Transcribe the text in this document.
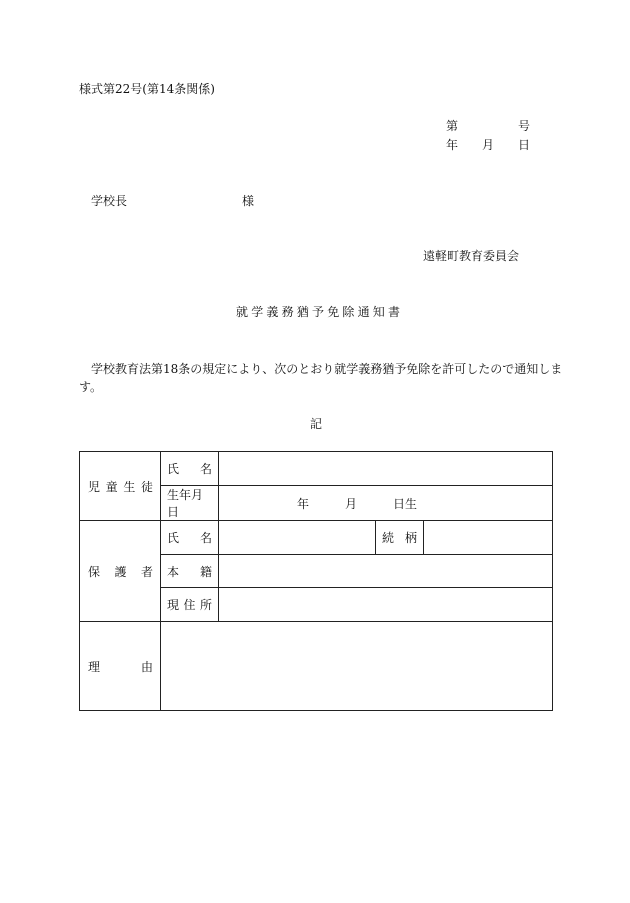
様式第22号(第14条関係)
第	号
年 月 日
学校長	様
遠軽町教育委員会
就学義務猶予免除通知書
学校教育法第18条の規定により、次のとおり就学義務猶予免除を許可したので通知しま
す。
記
児 童 生 徒	氏 名			

	生年月日	年 月 日生		

保 護 者	氏 名		続 柄	

	本 籍			

	現 住 所			

理 由				
